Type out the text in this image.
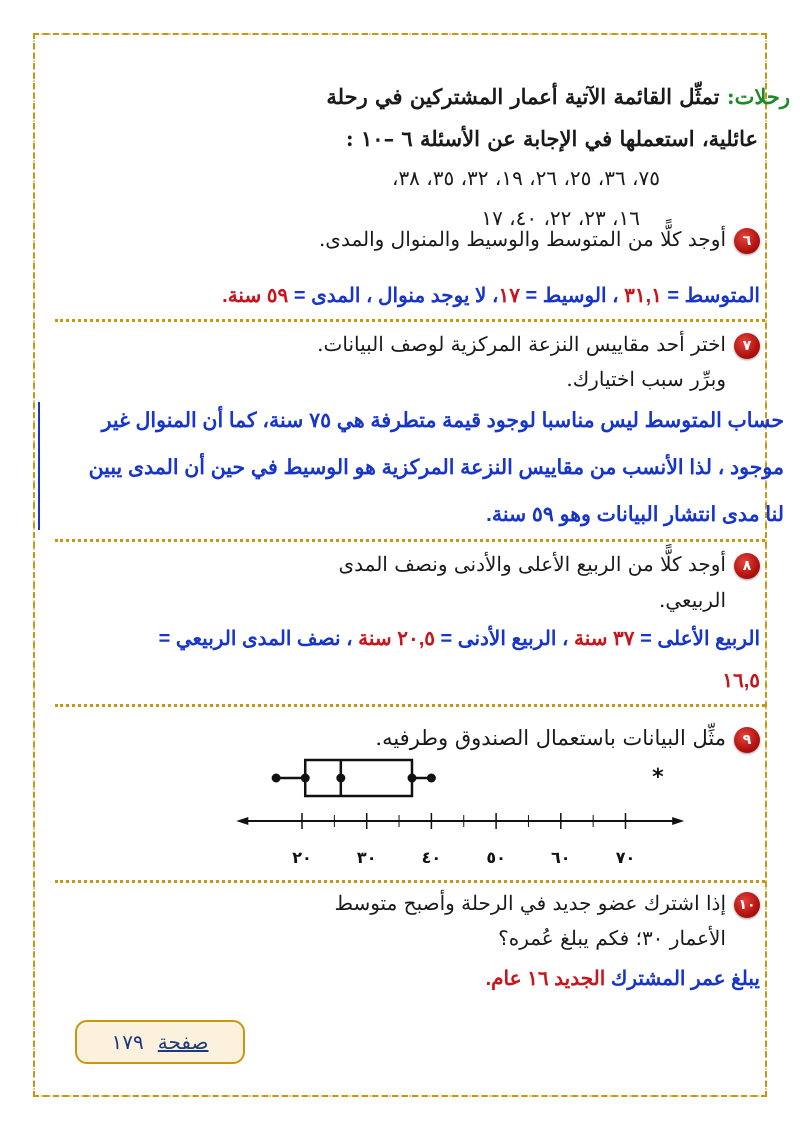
رحلات: تمثِّل القائمة الآتية أعمار المشتركين في رحلة
عائلية، استعملها في الإجابة عن الأسئلة ٦ –١٠ :
٧٥، ٣٦، ٢٥، ٢٦، ١٩، ٣٢، ٣٥، ٣٨،
١٦، ٢٣، ٢٢، ٤٠، ١٧
٦أوجد كلًّا من المتوسط والوسيط والمنوال والمدى.
المتوسط = ٣١,١ ، الوسيط = ١٧، لا يوجد منوال ، المدى = ٥٩ سنة.
٧اختر أحد مقاييس النزعة المركزية لوصف البيانات.
وبرِّر سبب اختيارك.
حساب المتوسط ليس مناسبا لوجود قيمة متطرفة هي ٧٥ سنة، كما أن المنوال غير
موجود ، لذا الأنسب من مقاييس النزعة المركزية هو الوسيط في حين أن المدى يبين
لنا مدى انتشار البيانات وهو ٥٩ سنة.
٨أوجد كلًّا من الربيع الأعلى والأدنى ونصف المدى
الربيعي.
الربيع الأعلى = ٣٧ سنة ، الربيع الأدنى = ٢٠,٥ سنة ، نصف المدى الربيعي =
١٦,٥
٩مثِّل البيانات باستعمال الصندوق وطرفيه.
*
٢٠	٣٠	٤٠	٥٠	٦٠	٧٠
١٠إذا اشترك عضو جديد في الرحلة وأصبح متوسط
الأعمار ٣٠؛ فكم يبلغ عُمره؟
يبلغ عمر المشترك الجديد ١٦ عام.
صفحة
١٧٩
